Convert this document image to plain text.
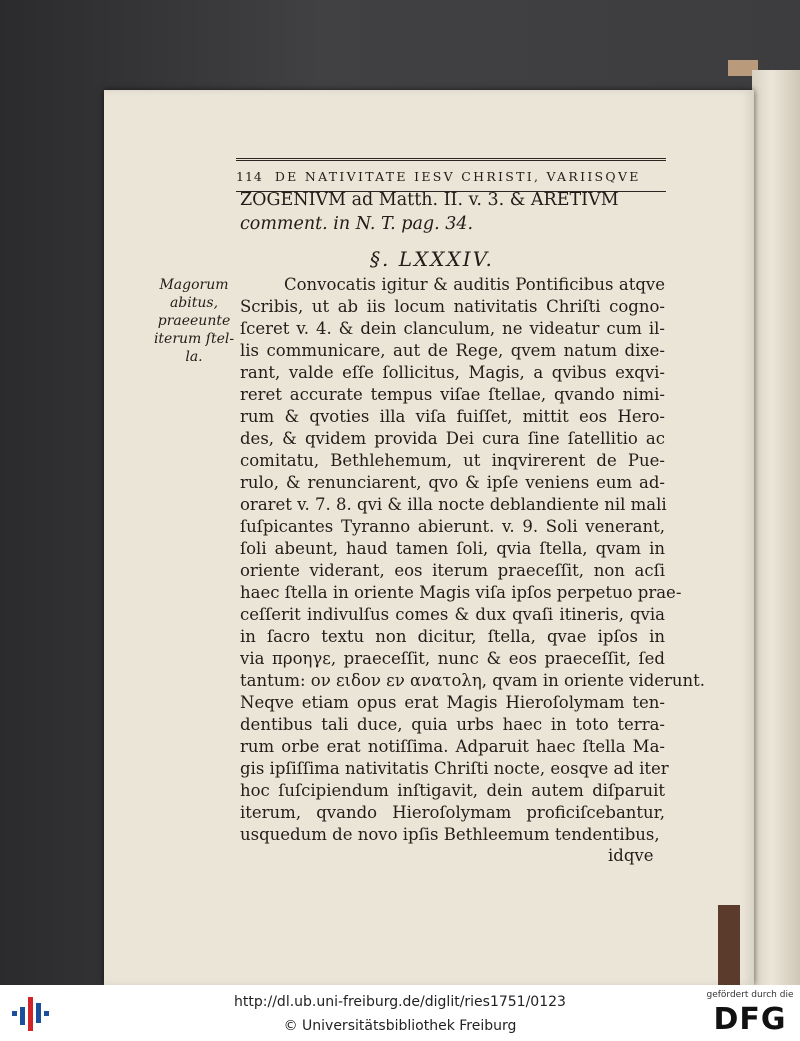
114 DE NATIVITATE IESV CHRISTI, VARIISQVE
ZOGENIVM ad Matth. II. v. 3. & ARETIVM
comment. in N. T. pag. 34.
§. LXXXIV.
Magorum
abitus,
praeeunte
iterum ſtel-
la.
Convocatis igitur & auditis Pontificibus atqve
Scribis, ut ab iis locum nativitatis Chriſti cogno-
ſceret v. 4. & dein clanculum, ne videatur cum il-
lis communicare, aut de Rege, qvem natum dixe-
rant, valde eſſe ſollicitus, Magis, a qvibus exqvi-
reret accurate tempus viſae ſtellae, qvando nimi-
rum & qvoties illa viſa fuiſſet, mittit eos Hero-
des, & qvidem provida Dei cura ſine ſatellitio ac
comitatu, Bethlehemum, ut inqvirerent de Pue-
rulo, & renunciarent, qvo & ipſe veniens eum ad-
oraret v. 7. 8. qvi & illa nocte deblandiente nil mali
ſuſpicantes Tyranno abierunt. v. 9. Soli venerant,
ſoli abeunt, haud tamen ſoli, qvia ſtella, qvam in
oriente viderant, eos iterum praeceſſit, non acſi
haec ſtella in oriente Magis viſa ipſos perpetuo prae-
ceſſerit indivulſus comes & dux qvaſi itineris, qvia
in ſacro textu non dicitur, ſtella, qvae ipſos in
via προηγε, praeceſſit, nunc & eos praeceſſit, ſed
tantum: ον ειδον εν ανατολη, qvam in oriente viderunt.
Neqve etiam opus erat Magis Hieroſolymam ten-
dentibus tali duce, quia urbs haec in toto terra-
rum orbe erat notiſſima. Adparuit haec ſtella Ma-
gis ipſiſſima nativitatis Chriſti nocte, eosqve ad iter
hoc ſuſcipiendum inſtigavit, dein autem diſparuit
iterum, qvando Hieroſolymam proficiſcebantur,
usquedum de novo ipſis Bethleemum tendentibus,
idqve
http://dl.ub.uni-freiburg.de/diglit/ries1751/0123
© Universitätsbibliothek Freiburg
gefördert durch die
DFG
